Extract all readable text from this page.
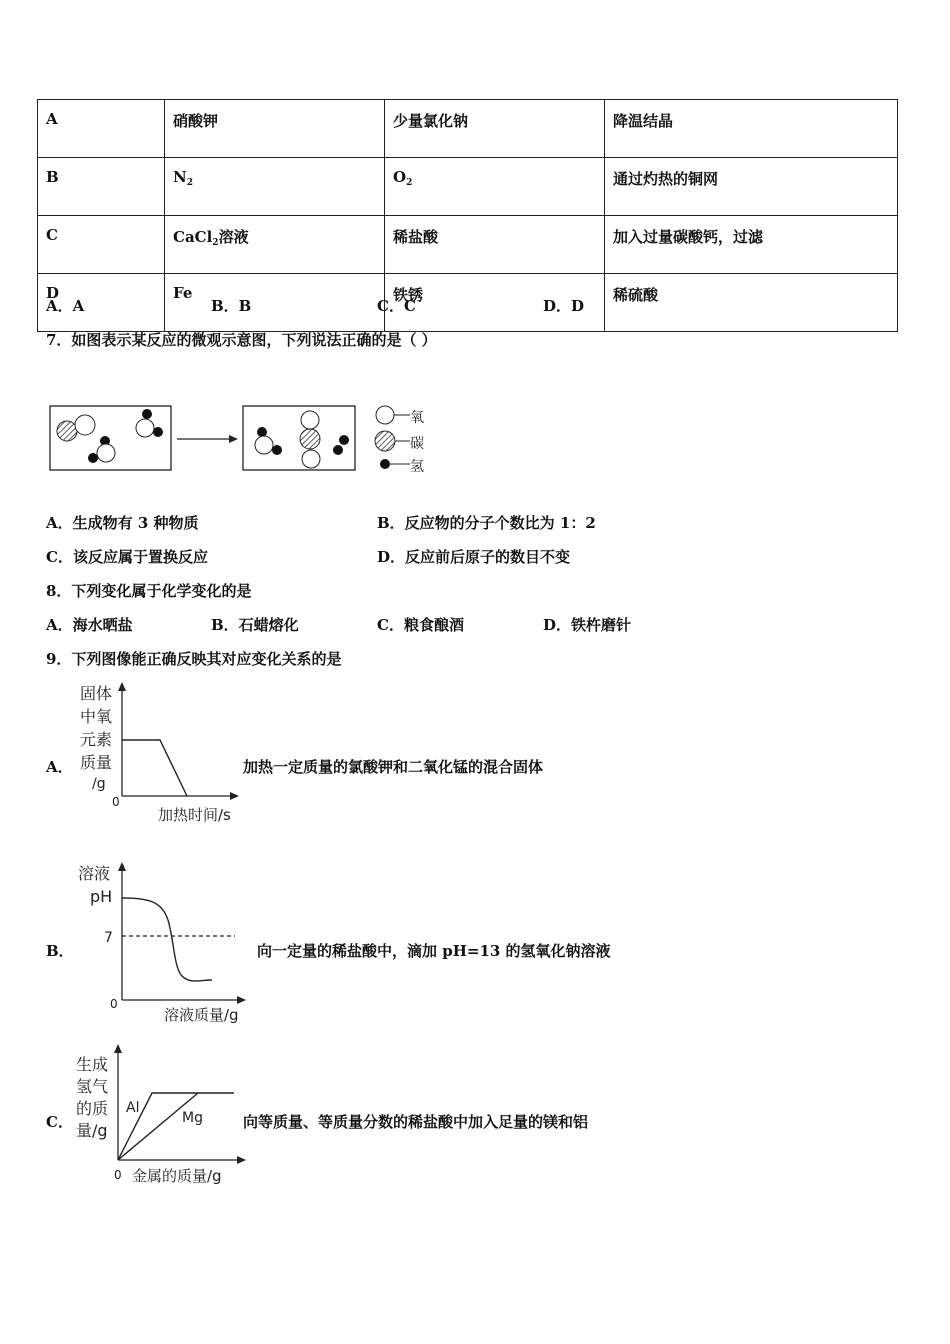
A	硝酸钾	少量氯化钠	降温结晶
B	$N_2$	$O_2$	通过灼热的铜网
C	CaCl$_2$溶液	稀盐酸	加入过量碳酸钙，过滤
D	Fe	铁锈	稀硫酸
A．A	B．B	C．C	D．D
7．如图表示某反应的微观示意图，下列说法正确的是（ ）
氧
碳
氢
A．生成物有 3 种物质	B．反应物的分子个数比为 1：2
C．该反应属于置换反应	D．反应前后原子的数目不变
8．下列变化属于化学变化的是
A．海水晒盐	B．石蜡熔化	C．粮食酿酒	D．铁杵磨针
9．下列图像能正确反映其对应变化关系的是
A．
固体
中氧
元素
质量
/g
0
加热时间/s
加热一定质量的氯酸钾和二氧化锰的混合固体
B．
溶液
pH
7
0
溶液质量/g
向一定量的稀盐酸中，滴加 pH=13 的氢氧化钠溶液
C．
生成
氢气
的质
量/g
Al
Mg
0 金属的质量/g
向等质量、等质量分数的稀盐酸中加入足量的镁和铝
